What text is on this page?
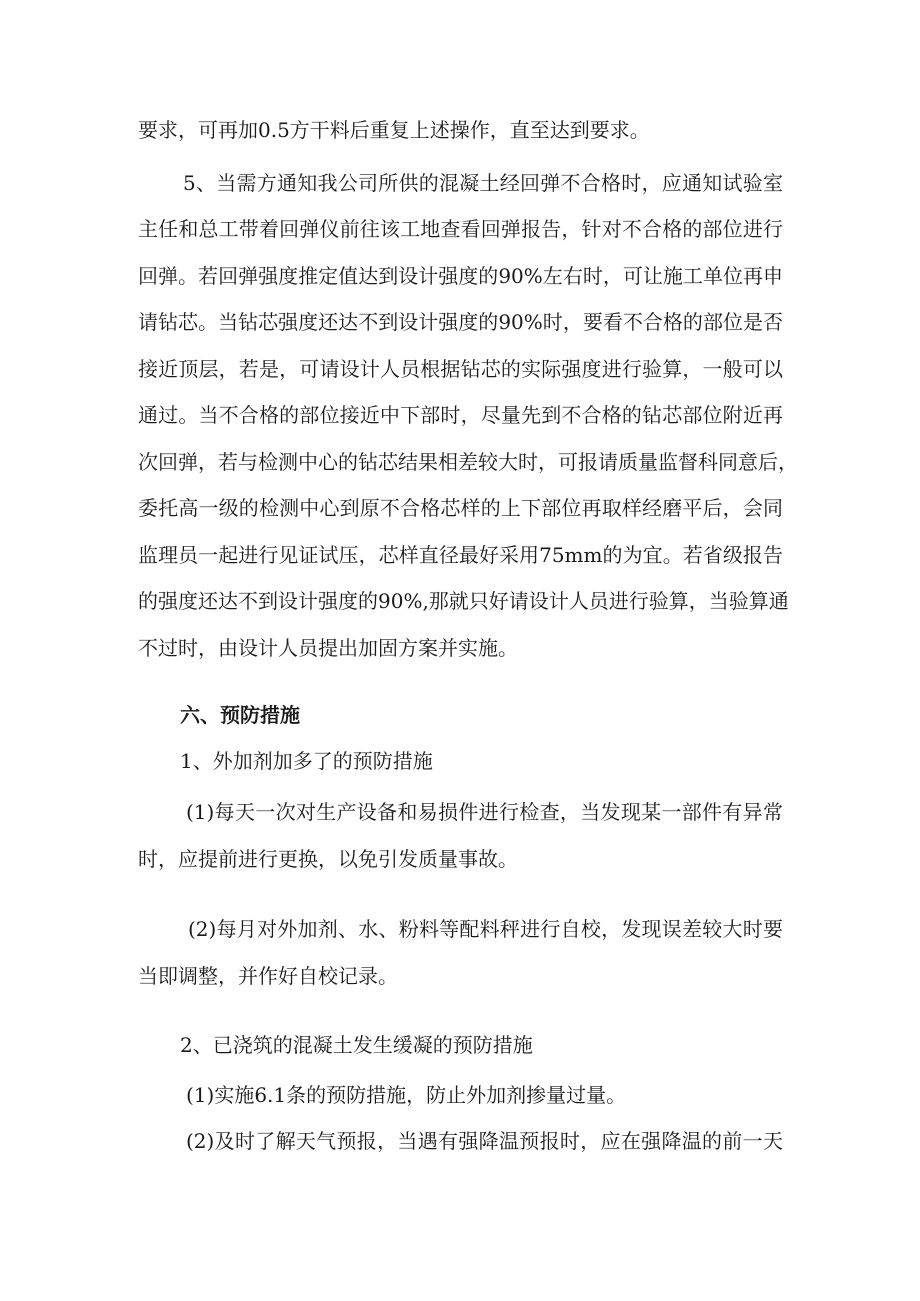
要求，可再加0.5方干料后重复上述操作，直至达到要求。
5、当需方通知我公司所供的混凝土经回弹不合格时，应通知试验室
主任和总工带着回弹仪前往该工地查看回弹报告，针对不合格的部位进行
回弹。若回弹强度推定值达到设计强度的90%左右时，可让施工单位再申
请钻芯。当钻芯强度还达不到设计强度的90%时，要看不合格的部位是否
接近顶层，若是，可请设计人员根据钻芯的实际强度进行验算，一般可以
通过。当不合格的部位接近中下部时，尽量先到不合格的钻芯部位附近再
次回弹，若与检测中心的钻芯结果相差较大时，可报请质量监督科同意后，
委托高一级的检测中心到原不合格芯样的上下部位再取样经磨平后，会同
监理员一起进行见证试压，芯样直径最好采用75mm的为宜。若省级报告
的强度还达不到设计强度的90%,那就只好请设计人员进行验算，当验算通
不过时，由设计人员提出加固方案并实施。
六、预防措施
1、外加剂加多了的预防措施
(1)每天一次对生产设备和易损件进行检查，当发现某一部件有异常
时，应提前进行更换，以免引发质量事故。
(2)每月对外加剂、水、粉料等配料秤进行自校，发现误差较大时要
当即调整，并作好自校记录。
2、已浇筑的混凝土发生缓凝的预防措施
(1)实施6.1条的预防措施，防止外加剂掺量过量。
(2)及时了解天气预报，当遇有强降温预报时，应在强降温的前一天
